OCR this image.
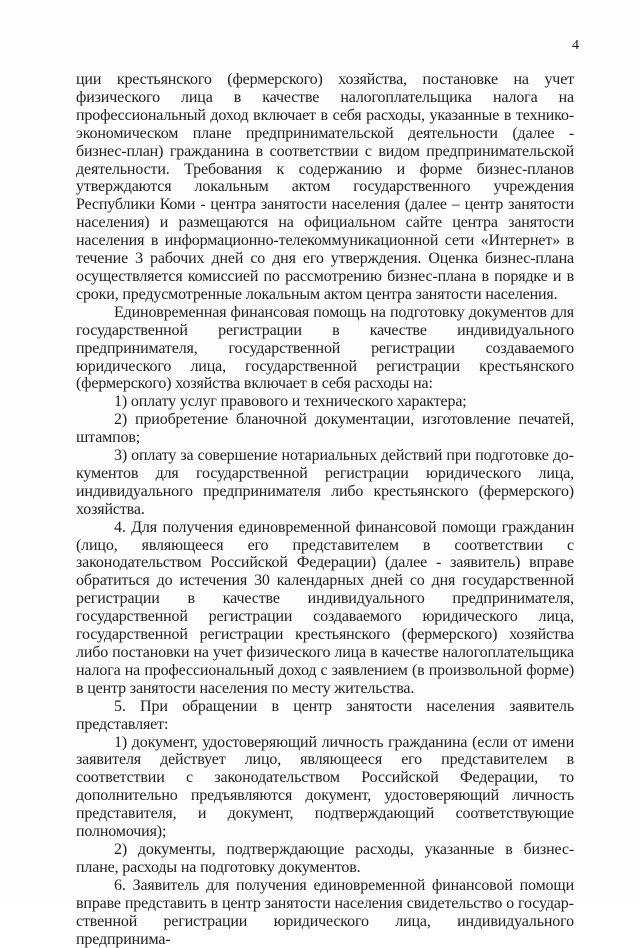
4

ции крестьянского (фермерского) хозяйства, постановке на учет физического лица в качестве налогоплательщика налога на профессиональный доход включает в себя расходы, указанные в технико-экономическом плане предпринимательской деятельности (далее - бизнес-план) гражданина в соответствии с видом предпринимательской деятельности. Требования к содержанию и форме бизнес-планов утверждаются локальным актом государственного учреждения Республики Коми - центра занятости населения (далее – центр занятости населения) и размещаются на официальном сайте центра занятости населения в информационно-телекоммуникационной сети «Интернет» в течение 3 рабочих дней со дня его утверждения. Оценка бизнес-плана осуществляется комиссией по рассмотрению бизнес-плана в порядке и в сроки, предусмотренные локальным актом центра занятости населения.

Единовременная финансовая помощь на подготовку документов для государственной регистрации в качестве индивидуального предпринимателя, государственной регистрации создаваемого юридического лица, государственной регистрации крестьянского (фермерского) хозяйства включает в себя расходы на:

1) оплату услуг правового и технического характера;

2) приобретение бланочной документации, изготовление печатей, штампов;

3) оплату за совершение нотариальных действий при подготовке документов для государственной регистрации юридического лица, индивидуального предпринимателя либо крестьянского (фермерского) хозяйства.

4. Для получения единовременной финансовой помощи гражданин (лицо, являющееся его представителем в соответствии с законодательством Российской Федерации) (далее - заявитель) вправе обратиться до истечения 30 календарных дней со дня государственной регистрации в качестве индивидуального предпринимателя, государственной регистрации создаваемого юридического лица, государственной регистрации крестьянского (фермерского) хозяйства либо постановки на учет физического лица в качестве налогоплательщика налога на профессиональный доход с заявлением (в произвольной форме) в центр занятости населения по месту жительства.

5. При обращении в центр занятости населения заявитель представляет:

1) документ, удостоверяющий личность гражданина (если от имени заявителя действует лицо, являющееся его представителем в соответствии с законодательством Российской Федерации, то дополнительно предъявляются документ, удостоверяющий личность представителя, и документ, подтверждающий соответствующие полномочия);

2) документы, подтверждающие расходы, указанные в бизнес-плане, расходы на подготовку документов.

6. Заявитель для получения единовременной финансовой помощи вправе представить в центр занятости населения свидетельство о государственной регистрации юридического лица, индивидуального предпринима-
